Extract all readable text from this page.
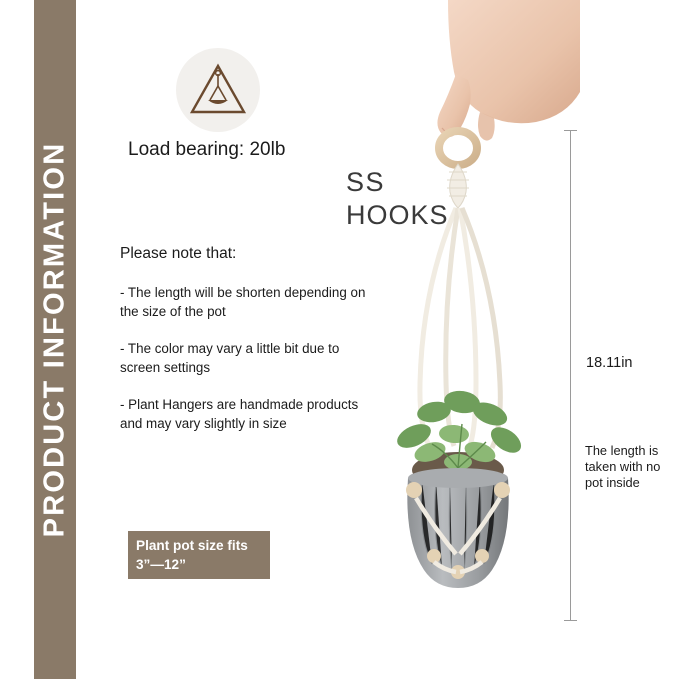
PRODUCT INFORMATION	Load bearing: 20lb
SS
HOOKS
Please note that:

- The length will be shorten depending on the size of the pot

- The color may vary a little bit due to screen settings

- Plant Hangers are handmade products and may vary slightly in size

Plant pot size fits
3”—12”
18.11in
The length is taken with no pot inside
